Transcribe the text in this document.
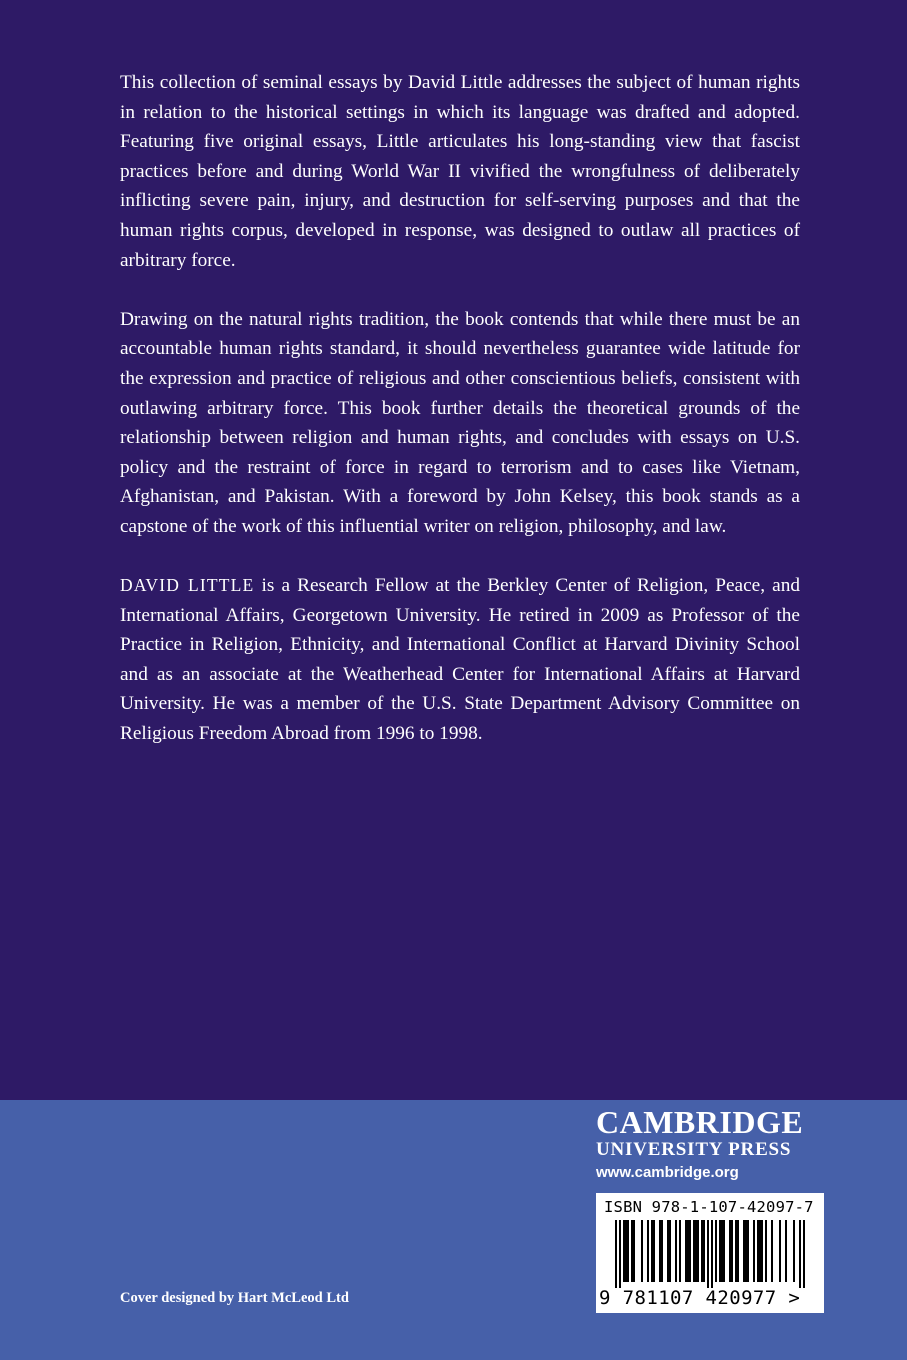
This collection of seminal essays by David Little addresses the subject of human rights in relation to the historical settings in which its language was drafted and adopted. Featuring five original essays, Little articulates his long-standing view that fascist practices before and during World War II vivified the wrongfulness of deliberately inflicting severe pain, injury, and destruction for self-serving purposes and that the human rights corpus, developed in response, was designed to outlaw all practices of arbitrary force.

Drawing on the natural rights tradition, the book contends that while there must be an accountable human rights standard, it should nevertheless guarantee wide latitude for the expression and practice of religious and other conscientious beliefs, consistent with outlawing arbitrary force. This book further details the theoretical grounds of the relationship between religion and human rights, and concludes with essays on U.S. policy and the restraint of force in regard to terrorism and to cases like Vietnam, Afghanistan, and Pakistan. With a foreword by John Kelsey, this book stands as a capstone of the work of this influential writer on religion, philosophy, and law.

DAVID LITTLE is a Research Fellow at the Berkley Center of Religion, Peace, and International Affairs, Georgetown University. He retired in 2009 as Professor of the Practice in Religion, Ethnicity, and International Conflict at Harvard Divinity School and as an associate at the Weatherhead Center for International Affairs at Harvard University. He was a member of the U.S. State Department Advisory Committee on Religious Freedom Abroad from 1996 to 1998.

CAMBRIDGE
UNIVERSITY PRESS
www.cambridge.org
ISBN 978-1-107-42097-7
9 781107 420977 >
Cover designed by Hart McLeod Ltd
